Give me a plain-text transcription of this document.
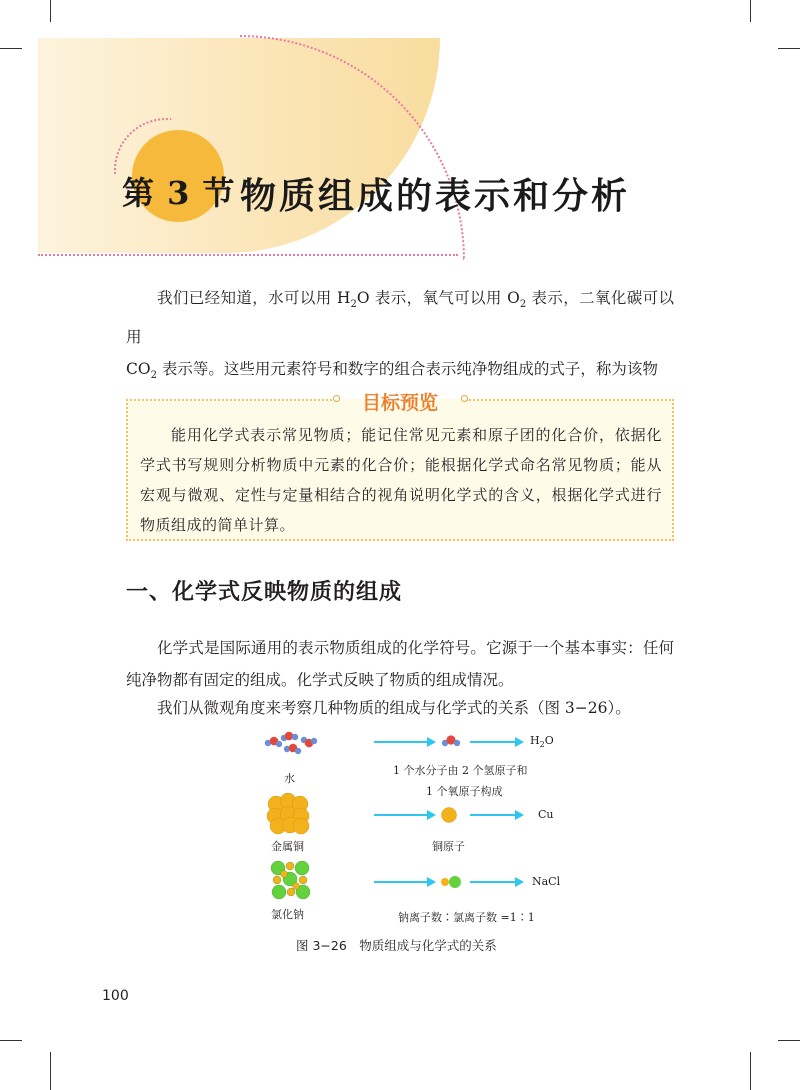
第 3 节 物质组成的表示和分析
我们已经知道，水可以用 $H_2O$ 表示，氧气可以用 $O_2$ 表示，二氧化碳可以用
$CO_2$ 表示等。这些用元素符号和数字的组合表示纯净物组成的式子，称为该物
目标预览
能用化学式表示常见物质；能记住常见元素和原子团的化合价，依据化学式书写规则分析物质中元素的化合价；能根据化学式命名常见物质；能从宏观与微观、定性与定量相结合的视角说明化学式的含义，根据化学式进行物质组成的简单计算。
一、化学式反映物质的组成
化学式是国际通用的表示物质组成的化学符号。它源于一个基本事实：任何纯净物都有固定的组成。化学式反映了物质的组成情况。
我们从微观角度来考察几种物质的组成与化学式的关系（图 3−26）。
水
$H_2O$
1 个水分子由 2 个氢原子和
1 个氧原子构成
金属铜
Cu
铜原子
氯化钠
NaCl
钠离子数∶氯离子数 =1∶1
图 3−26　物质组成与化学式的关系
100
